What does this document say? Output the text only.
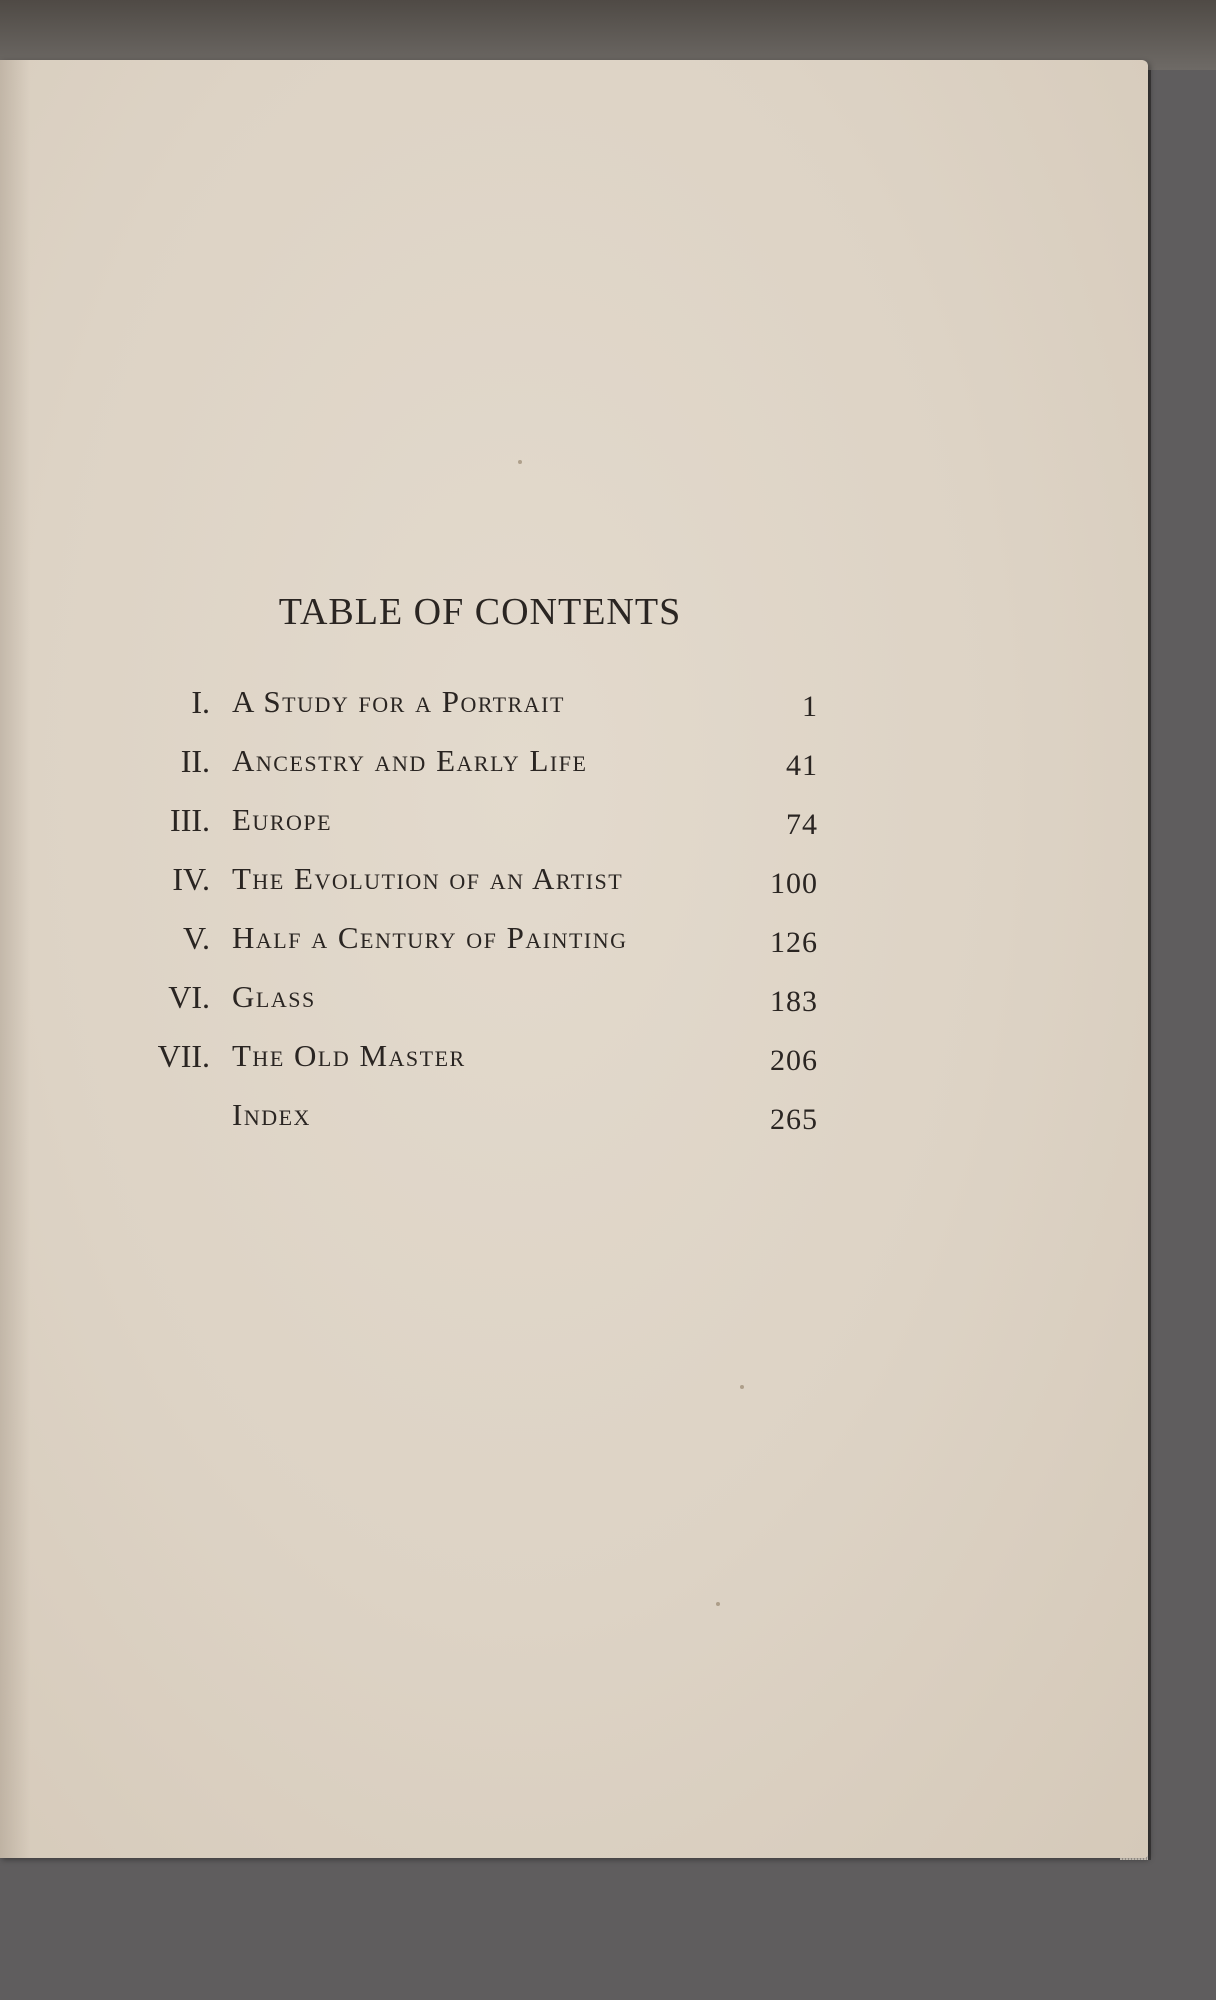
TABLE OF CONTENTS
I. A Study for a Portrait	1
II. Ancestry and Early Life	41
III. Europe	74
IV. The Evolution of an Artist	100
V. Half a Century of Painting	126
VI. Glass	183
VII. The Old Master	206
Index	265
